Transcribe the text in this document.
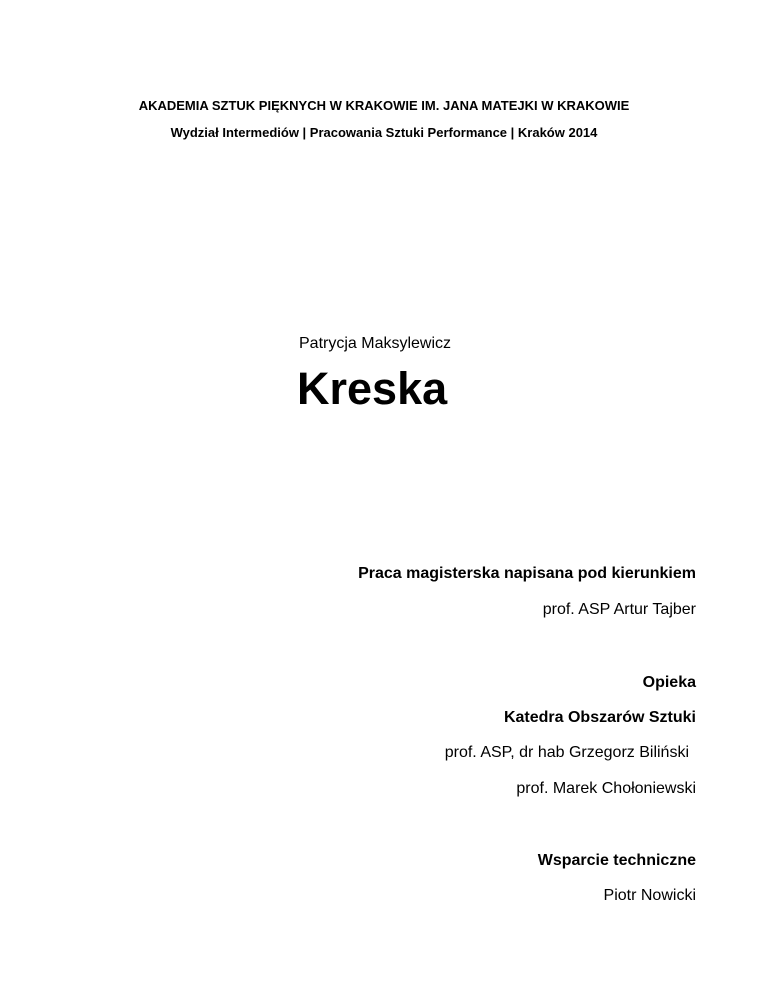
AKADEMIA SZTUK PIĘKNYCH W KRAKOWIE IM. JANA MATEJKI W KRAKOWIE

Wydział Intermediów | Pracowania Sztuki Performance | Kraków 2014

Patrycja Maksylewicz

Kreska

Praca magisterska napisana pod kierunkiem

prof. ASP Artur Tajber

Opieka

Katedra Obszarów Sztuki

prof. ASP, dr hab Grzegorz Biliński

prof. Marek Chołoniewski

Wsparcie techniczne

Piotr Nowicki
